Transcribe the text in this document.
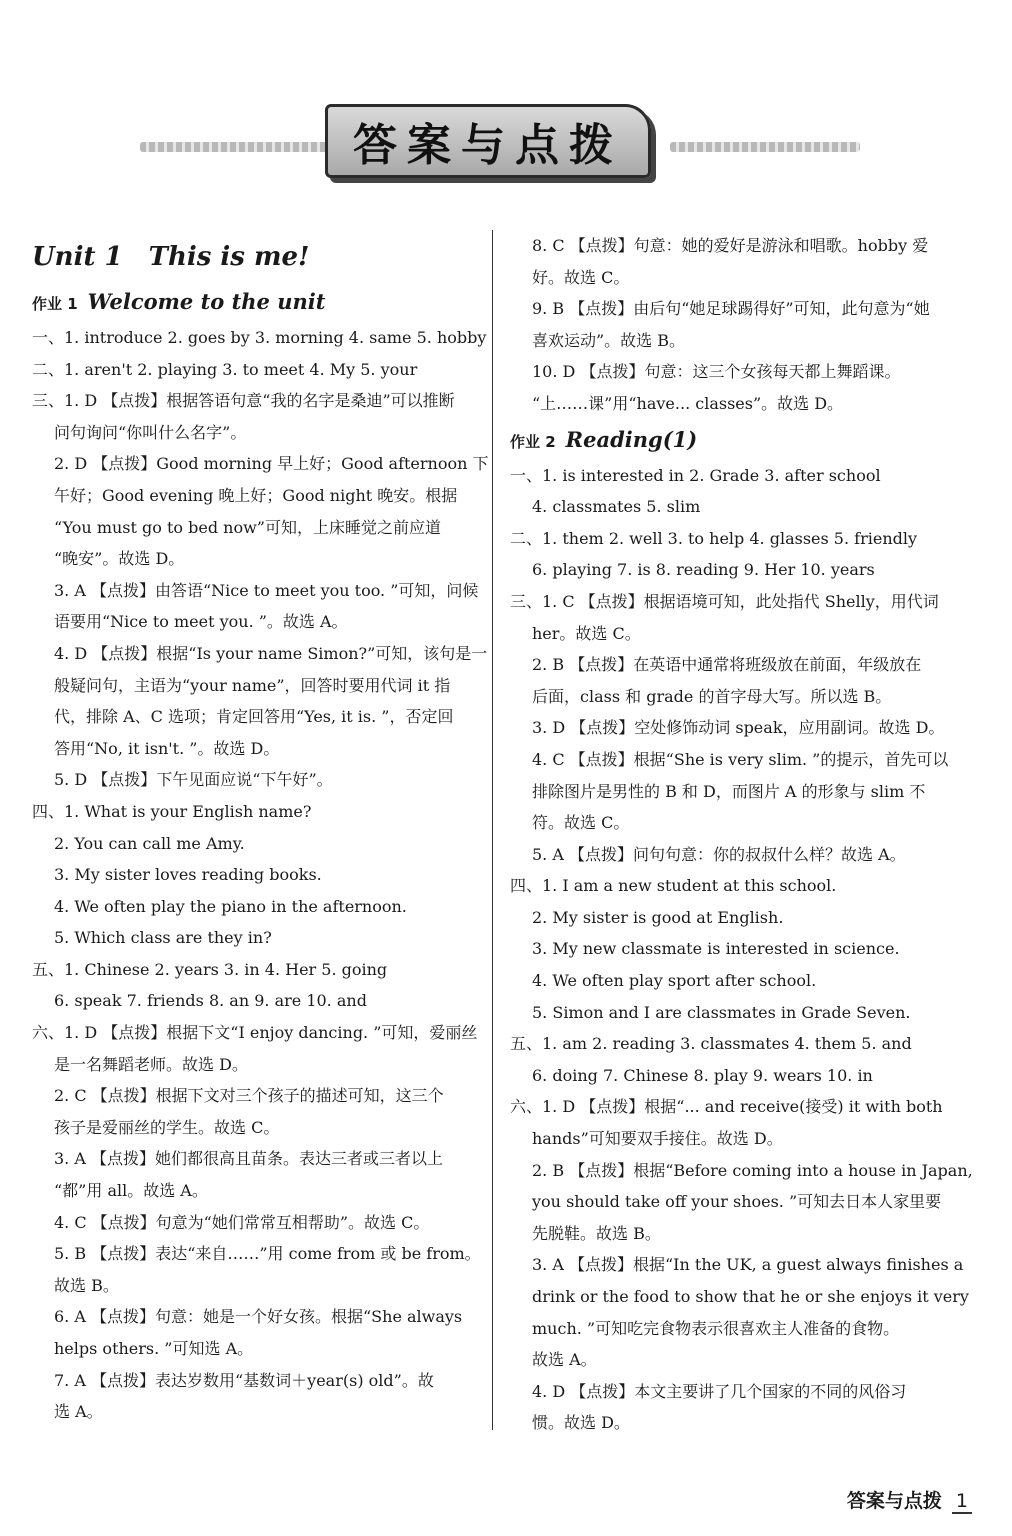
答案与点拨
Unit 1 This is me!
作业 1 Welcome to the unit
一、1. introduce 2. goes by 3. morning 4. same 5. hobby
二、1. aren't 2. playing 3. to meet 4. My 5. your
三、1. D 【点拨】根据答语句意“我的名字是桑迪”可以推断
问句询问“你叫什么名字”。
2. D 【点拨】Good morning 早上好；Good afternoon 下
午好；Good evening 晚上好；Good night 晚安。根据
“You must go to bed now”可知，上床睡觉之前应道
“晚安”。故选 D。
3. A 【点拨】由答语“Nice to meet you too. ”可知，问候
语要用“Nice to meet you. ”。故选 A。
4. D 【点拨】根据“Is your name Simon?”可知，该句是一
般疑问句，主语为“your name”，回答时要用代词 it 指
代，排除 A、C 选项；肯定回答用“Yes, it is. ”，否定回
答用“No, it isn't. ”。故选 D。
5. D 【点拨】下午见面应说“下午好”。
四、1. What is your English name?
2. You can call me Amy.
3. My sister loves reading books.
4. We often play the piano in the afternoon.
5. Which class are they in?
五、1. Chinese 2. years 3. in 4. Her 5. going
6. speak 7. friends 8. an 9. are 10. and
六、1. D 【点拨】根据下文“I enjoy dancing. ”可知，爱丽丝
是一名舞蹈老师。故选 D。
2. C 【点拨】根据下文对三个孩子的描述可知，这三个
孩子是爱丽丝的学生。故选 C。
3. A 【点拨】她们都很高且苗条。表达三者或三者以上
“都”用 all。故选 A。
4. C 【点拨】句意为“她们常常互相帮助”。故选 C。
5. B 【点拨】表达“来自……”用 come from 或 be from。
故选 B。
6. A 【点拨】句意：她是一个好女孩。根据“She always
helps others. ”可知选 A。
7. A 【点拨】表达岁数用“基数词＋year(s) old”。故
选 A。
8. C 【点拨】句意：她的爱好是游泳和唱歌。hobby 爱
好。故选 C。
9. B 【点拨】由后句“她足球踢得好”可知，此句意为“她
喜欢运动”。故选 B。
10. D 【点拨】句意：这三个女孩每天都上舞蹈课。
“上……课”用“have... classes”。故选 D。
作业 2 Reading(1)
一、1. is interested in 2. Grade 3. after school
4. classmates 5. slim
二、1. them 2. well 3. to help 4. glasses 5. friendly
6. playing 7. is 8. reading 9. Her 10. years
三、1. C 【点拨】根据语境可知，此处指代 Shelly，用代词
her。故选 C。
2. B 【点拨】在英语中通常将班级放在前面，年级放在
后面，class 和 grade 的首字母大写。所以选 B。
3. D 【点拨】空处修饰动词 speak，应用副词。故选 D。
4. C 【点拨】根据“She is very slim. ”的提示，首先可以
排除图片是男性的 B 和 D，而图片 A 的形象与 slim 不
符。故选 C。
5. A 【点拨】问句句意：你的叔叔什么样？故选 A。
四、1. I am a new student at this school.
2. My sister is good at English.
3. My new classmate is interested in science.
4. We often play sport after school.
5. Simon and I are classmates in Grade Seven.
五、1. am 2. reading 3. classmates 4. them 5. and
6. doing 7. Chinese 8. play 9. wears 10. in
六、1. D 【点拨】根据“... and receive(接受) it with both
hands”可知要双手接住。故选 D。
2. B 【点拨】根据“Before coming into a house in Japan,
you should take off your shoes. ”可知去日本人家里要
先脱鞋。故选 B。
3. A 【点拨】根据“In the UK, a guest always finishes a
drink or the food to show that he or she enjoys it very
much. ”可知吃完食物表示很喜欢主人准备的食物。
故选 A。
4. D 【点拨】本文主要讲了几个国家的不同的风俗习
惯。故选 D。
答案与点拨 1
